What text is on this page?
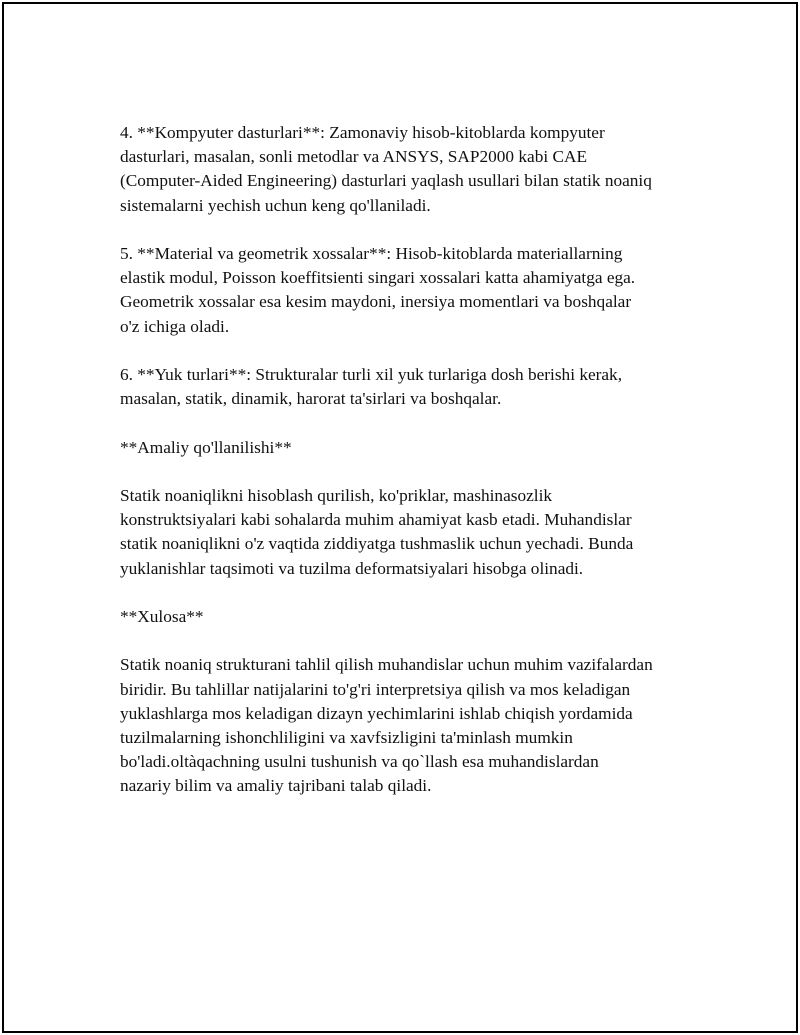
4. **Kompyuter dasturlari**: Zamonaviy hisob-kitoblarda kompyuter
dasturlari, masalan, sonli metodlar va ANSYS, SAP2000 kabi CAE
(Computer-Aided Engineering) dasturlari yaqlash usullari bilan statik noaniq
sistemalarni yechish uchun keng qo'llaniladi.

5. **Material va geometrik xossalar**: Hisob-kitoblarda materiallarning
elastik modul, Poisson koeffitsienti singari xossalari katta ahamiyatga ega.
Geometrik xossalar esa kesim maydoni, inersiya momentlari va boshqalar
o'z ichiga oladi.

6. **Yuk turlari**: Strukturalar turli xil yuk turlariga dosh berishi kerak,
masalan, statik, dinamik, harorat ta'sirlari va boshqalar.

**Amaliy qo'llanilishi**

Statik noaniqlikni hisoblash qurilish, ko'priklar, mashinasozlik
konstruktsiyalari kabi sohalarda muhim ahamiyat kasb etadi. Muhandislar
statik noaniqlikni o'z vaqtida ziddiyatga tushmaslik uchun yechadi. Bunda
yuklanishlar taqsimoti va tuzilma deformatsiyalari hisobga olinadi.

**Xulosa**

Statik noaniq strukturani tahlil qilish muhandislar uchun muhim vazifalardan
biridir. Bu tahlillar natijalarini to'g'ri interpretsiya qilish va mos keladigan
yuklashlarga mos keladigan dizayn yechimlarini ishlab chiqish yordamida
tuzilmalarning ishonchliligini va xavfsizligini ta'minlash mumkin
bo'ladi.oltàqachning usulni tushunish va qo`llash esa muhandislardan
nazariy bilim va amaliy tajribani talab qiladi.
